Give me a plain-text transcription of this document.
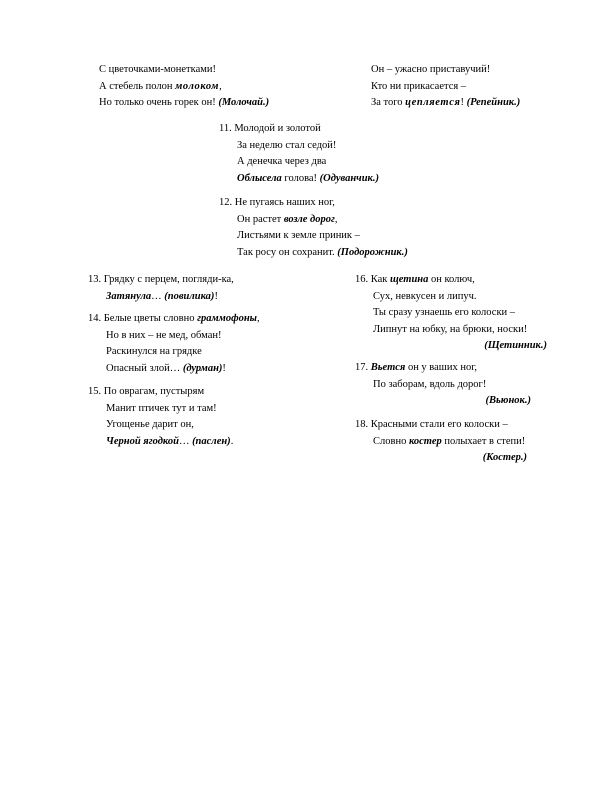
С цветочками-монетками!
А стебель полон молоком,
Но только очень горек он! (Молочай.)
Он – ужасно приставучий!
Кто ни прикасается –
За того цепляется! (Репейник.)
11. Молодой и золотой
За неделю стал седой!
А денечка через два
Облысела голова! (Одуванчик.)
12. Не пугаясь наших ног,
Он растет возле дорог,
Листьями к земле приник –
Так росу он сохранит. (Подорожник.)
13. Грядку с перцем, погляди-ка,
Затянула… (повилика)!
14. Белые цветы словно граммофоны,
Но в них – не мед, обман!
Раскинулся на грядке
Опасный злой… (дурман)!
15. По оврагам, пустырям
Манит птичек тут и там!
Угощенье дарит он,
Черной ягодкой… (паслен).
16. Как щетина он колюч,
Сух, невкусен и липуч.
Ты сразу узнаешь его колоски –
Липнут на юбку, на брюки, носки!
(Щетинник.)
17. Вьется он у ваших ног,
По заборам, вдоль дорог!
(Вьюнок.)
18. Красными стали его колоски –
Словно костер полыхает в степи!
(Костер.)
